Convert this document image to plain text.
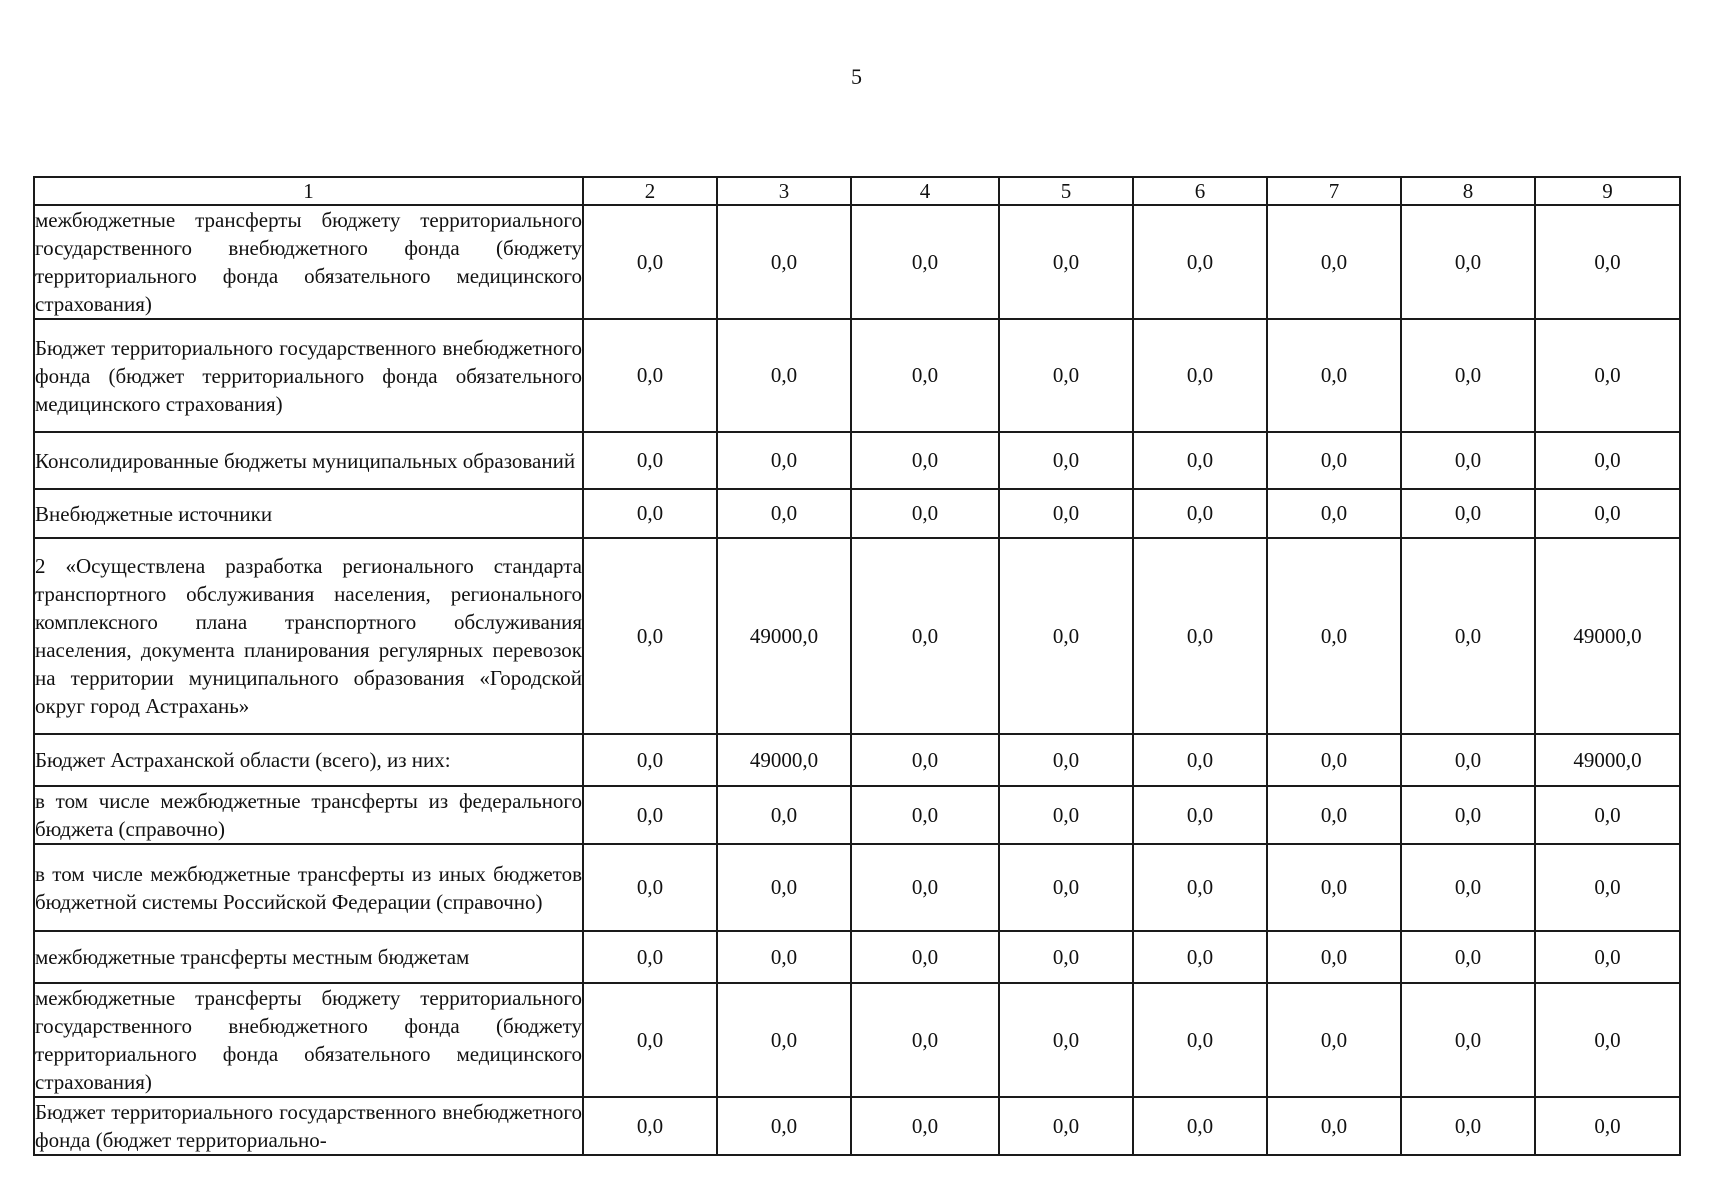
5
1	2	3	4	5	6	7	8	9
межбюджетные трансферты бюджету территориального государственного внебюджетного фонда (бюджету территориального фонда обязательного медицинского страхования)	0,0	0,0	0,0	0,0	0,0	0,0	0,0	0,0
Бюджет территориального государственного внебюджетного фонда (бюджет территориального фонда обязательного медицинского страхования)	0,0	0,0	0,0	0,0	0,0	0,0	0,0	0,0
Консолидированные бюджеты муниципальных образований	0,0	0,0	0,0	0,0	0,0	0,0	0,0	0,0
Внебюджетные источники	0,0	0,0	0,0	0,0	0,0	0,0	0,0	0,0
2 «Осуществлена разработка регионального стандарта транспортного обслуживания населения, регионального комплексного плана транспортного обслуживания населения, документа планирования регулярных перевозок на территории муниципального образования «Городской округ город Астрахань»	0,0	49000,0	0,0	0,0	0,0	0,0	0,0	49000,0
Бюджет Астраханской области (всего), из них:	0,0	49000,0	0,0	0,0	0,0	0,0	0,0	49000,0
в том числе межбюджетные трансферты из федерального бюджета (справочно)	0,0	0,0	0,0	0,0	0,0	0,0	0,0	0,0
в том числе межбюджетные трансферты из иных бюджетов бюджетной системы Российской Федерации (справочно)	0,0	0,0	0,0	0,0	0,0	0,0	0,0	0,0
межбюджетные трансферты местным бюджетам	0,0	0,0	0,0	0,0	0,0	0,0	0,0	0,0
межбюджетные трансферты бюджету территориального государственного внебюджетного фонда (бюджету территориального фонда обязательного медицинского страхования)	0,0	0,0	0,0	0,0	0,0	0,0	0,0	0,0
Бюджет территориального государственного внебюджетного фонда (бюджет территориально-	0,0	0,0	0,0	0,0	0,0	0,0	0,0	0,0
